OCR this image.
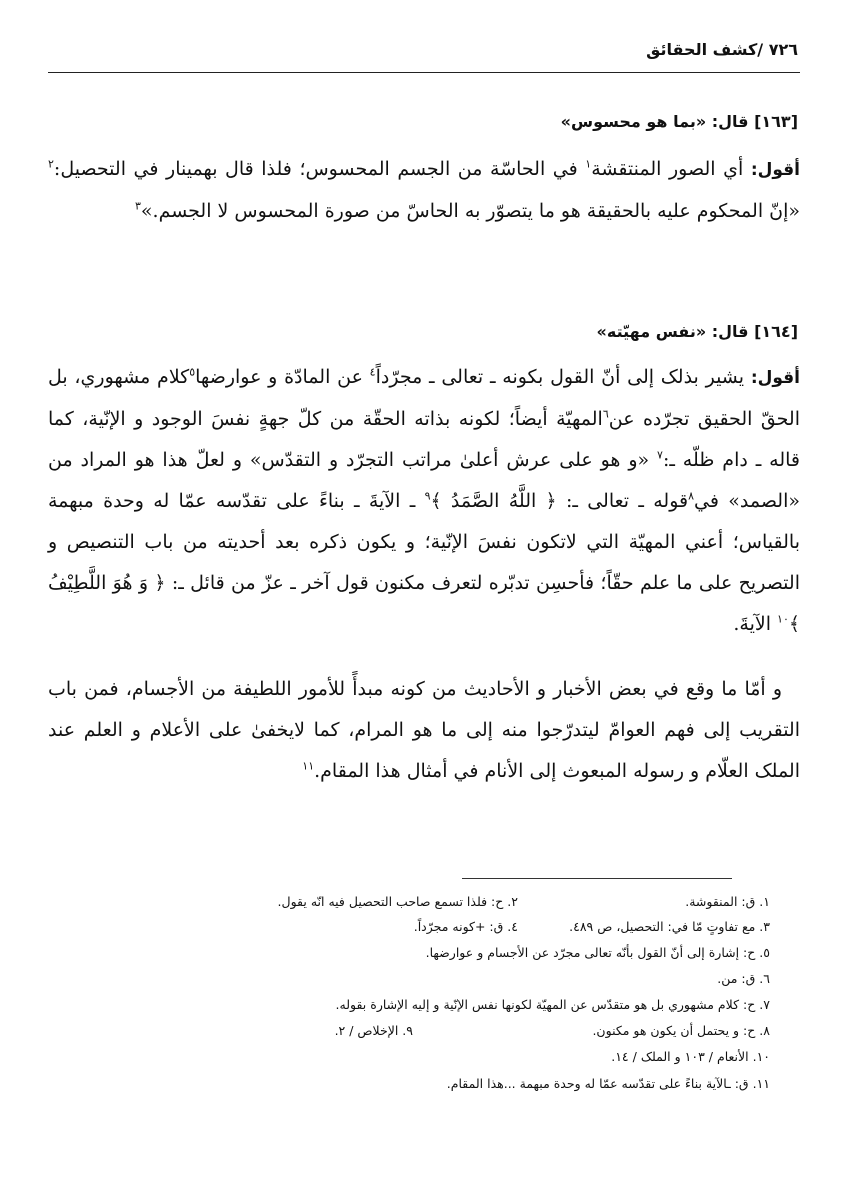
٧٢٦ /كشف الحقائق
[١٦٣] قال: «بما هو محسوس»
أقول: أي الصور المنتقشة$^١$ في الحاسّة من الجسم المحسوس؛ فلذا قال بهمينار في التحصيل:$^٢$ «إنّ المحكوم عليه بالحقيقة هو ما يتصوّر به الحاسّ من صورة المحسوس لا الجسم.»$^٣$
[١٦٤] قال: «نفس مهيّته»
أقول: يشير بذلک إلی أنّ القول بکونه ـ تعالی ـ مجرّداً$^٤$ عن المادّة و عوارضها$^٥$کلام مشهوري، بل الحقّ الحقيق تجرّده عن$^٦$المهيّة أيضاً؛ لکونه بذاته الحقّة من کلّ جهةٍ نفسَ الوجود و الإنّية، کما قاله ـ دام ظلّه ـ:$^٧$ «و هو علی عرش أعلیٰ مراتب التجرّد و التقدّس» و لعلّ هذا هو المراد من «الصمد» في$^٨$قوله ـ تعالی ـ: ﴿ اللَّهُ الصَّمَدُ ﴾$^٩$ ـ الآيةَ ـ بناءً علی تقدّسه عمّا له وحدة مبهمة بالقياس؛ أعني المهيّة التي لاتکون نفسَ الإنّية؛ و يکون ذکره بعد أحديته من باب التنصيص و التصريح علی ما علم حقّاً؛ فأحسِن تدبّره لتعرف مکنون قول آخر ـ عزّ من قائل ـ: ﴿ وَ هُوَ اللَّطِيْفُ ﴾$^{١٠}$ الآيةَ.
و أمّا ما وقع في بعض الأخبار و الأحاديث من کونه مبدأً للأمور اللطيفة من الأجسام، فمن باب التقريب إلی فهم العوامّ ليتدرّجوا منه إلی ما هو المرام، کما لايخفیٰ علی الأعلام و العلم عند الملک العلّام و رسوله المبعوث إلی الأنام في أمثال هذا المقام.$^{١١}$
١. ق: المنقوشة.
٢. ح: فلذا تسمع صاحب التحصيل فيه انّه يقول.
٣. مع تفاوتٍ مّا في: التحصيل، ص ٤٨٩.
٤. ق: +کونه مجرّداً.
٥. ح: إشارة إلی أنّ القول بأنّه تعالی مجرّد عن الأجسام و عوارضها.
٦. ق: من.
٧. ح: کلام مشهوري بل هو متقدّس عن المهيّة لکونها نفس الإنّية و إليه الإشارة بقوله.
٨. ح: و يحتمل أن يکون هو مکنون.
٩. الإخلاص / ٢.
١٠. الأنعام / ١٠٣ و الملک / ١٤.
١١. ق: ـالآية بناءً علی تقدّسه عمّا له وحدة مبهمة ...هذا المقام.
